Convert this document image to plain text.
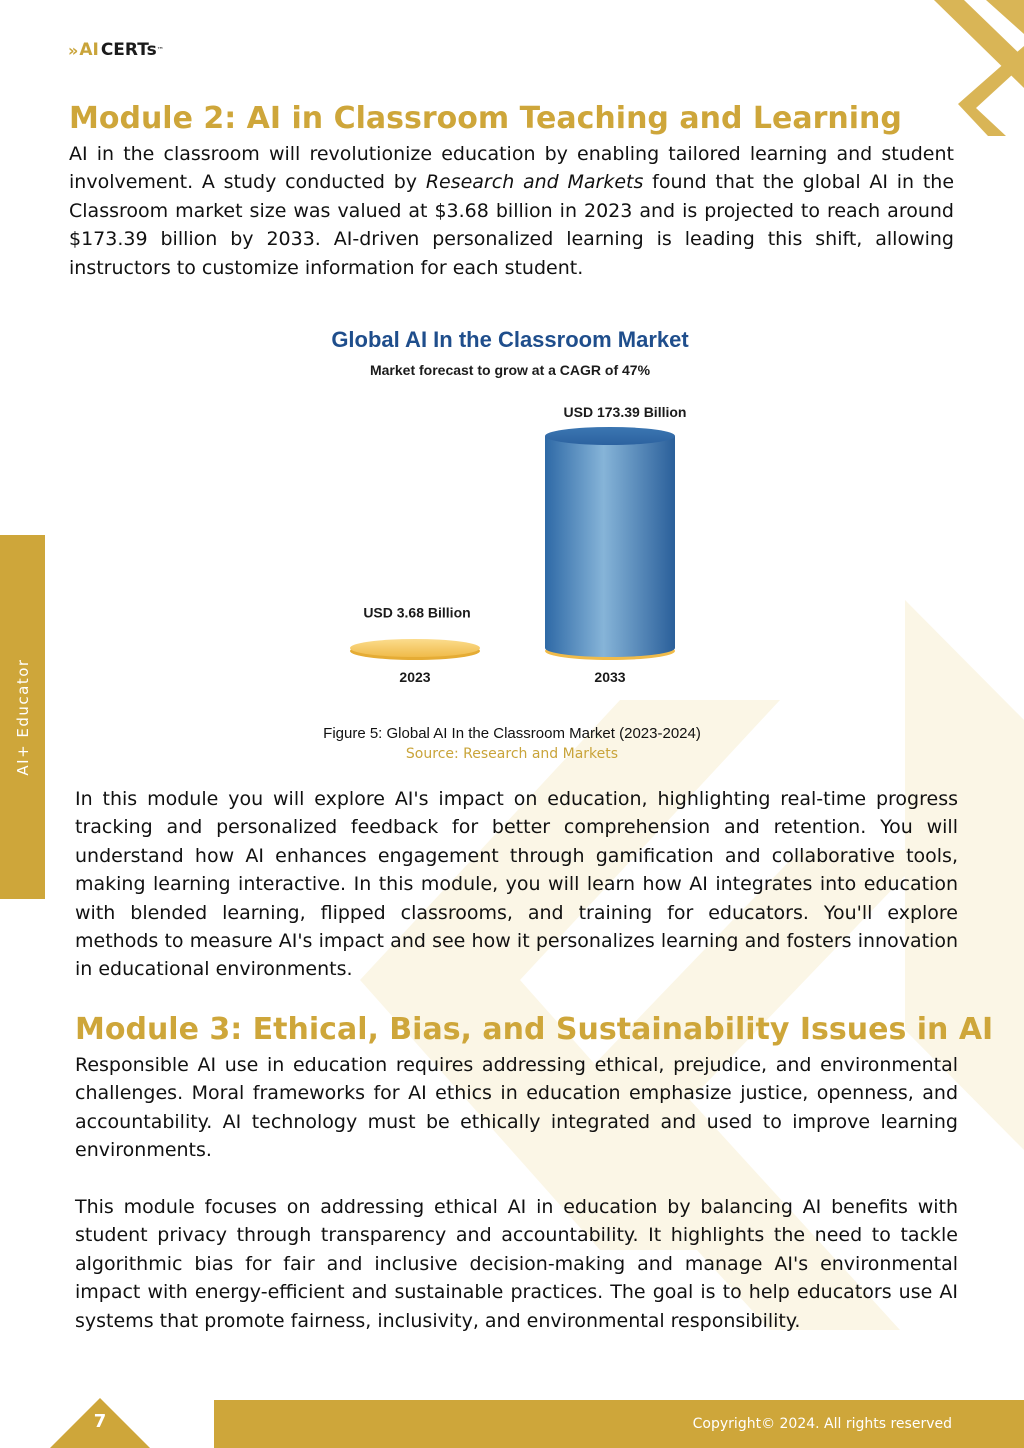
» AI CERTs ™
AI+ Educator
Module 2: AI in Classroom Teaching and Learning

AI in the classroom will revolutionize education by enabling tailored learning and student involvement. A study conducted by Research and Markets found that the global AI in the Classroom market size was valued at $3.68 billion in 2023 and is projected to reach around $173.39 billion by 2033. AI-driven personalized learning is leading this shift, allowing instructors to customize information for each student.

Global AI In the Classroom Market
Market forecast to grow at a CAGR of 47%
USD 3.68 Billion
2023
USD 173.39 Billion
2033
Figure 5: Global AI In the Classroom Market (2023-2024)
Source: Research and Markets

In this module you will explore AI's impact on education, highlighting real-time progress tracking and personalized feedback for better comprehension and retention. You will understand how AI enhances engagement through gamification and collaborative tools, making learning interactive. In this module, you will learn how AI integrates into education with blended learning, flipped classrooms, and training for educators. You'll explore methods to measure AI's impact and see how it personalizes learning and fosters innovation in educational environments.

Module 3: Ethical, Bias, and Sustainability Issues in AI

Responsible AI use in education requires addressing ethical, prejudice, and environmental challenges. Moral frameworks for AI ethics in education emphasize justice, openness, and accountability. AI technology must be ethically integrated and used to improve learning environments.

This module focuses on addressing ethical AI in education by balancing AI benefits with student privacy through transparency and accountability. It highlights the need to tackle algorithmic bias for fair and inclusive decision-making and manage AI's environmental impact with energy-efficient and sustainable practices. The goal is to help educators use AI systems that promote fairness, inclusivity, and environmental responsibility.

7	Copyright© 2024. All rights reserved
